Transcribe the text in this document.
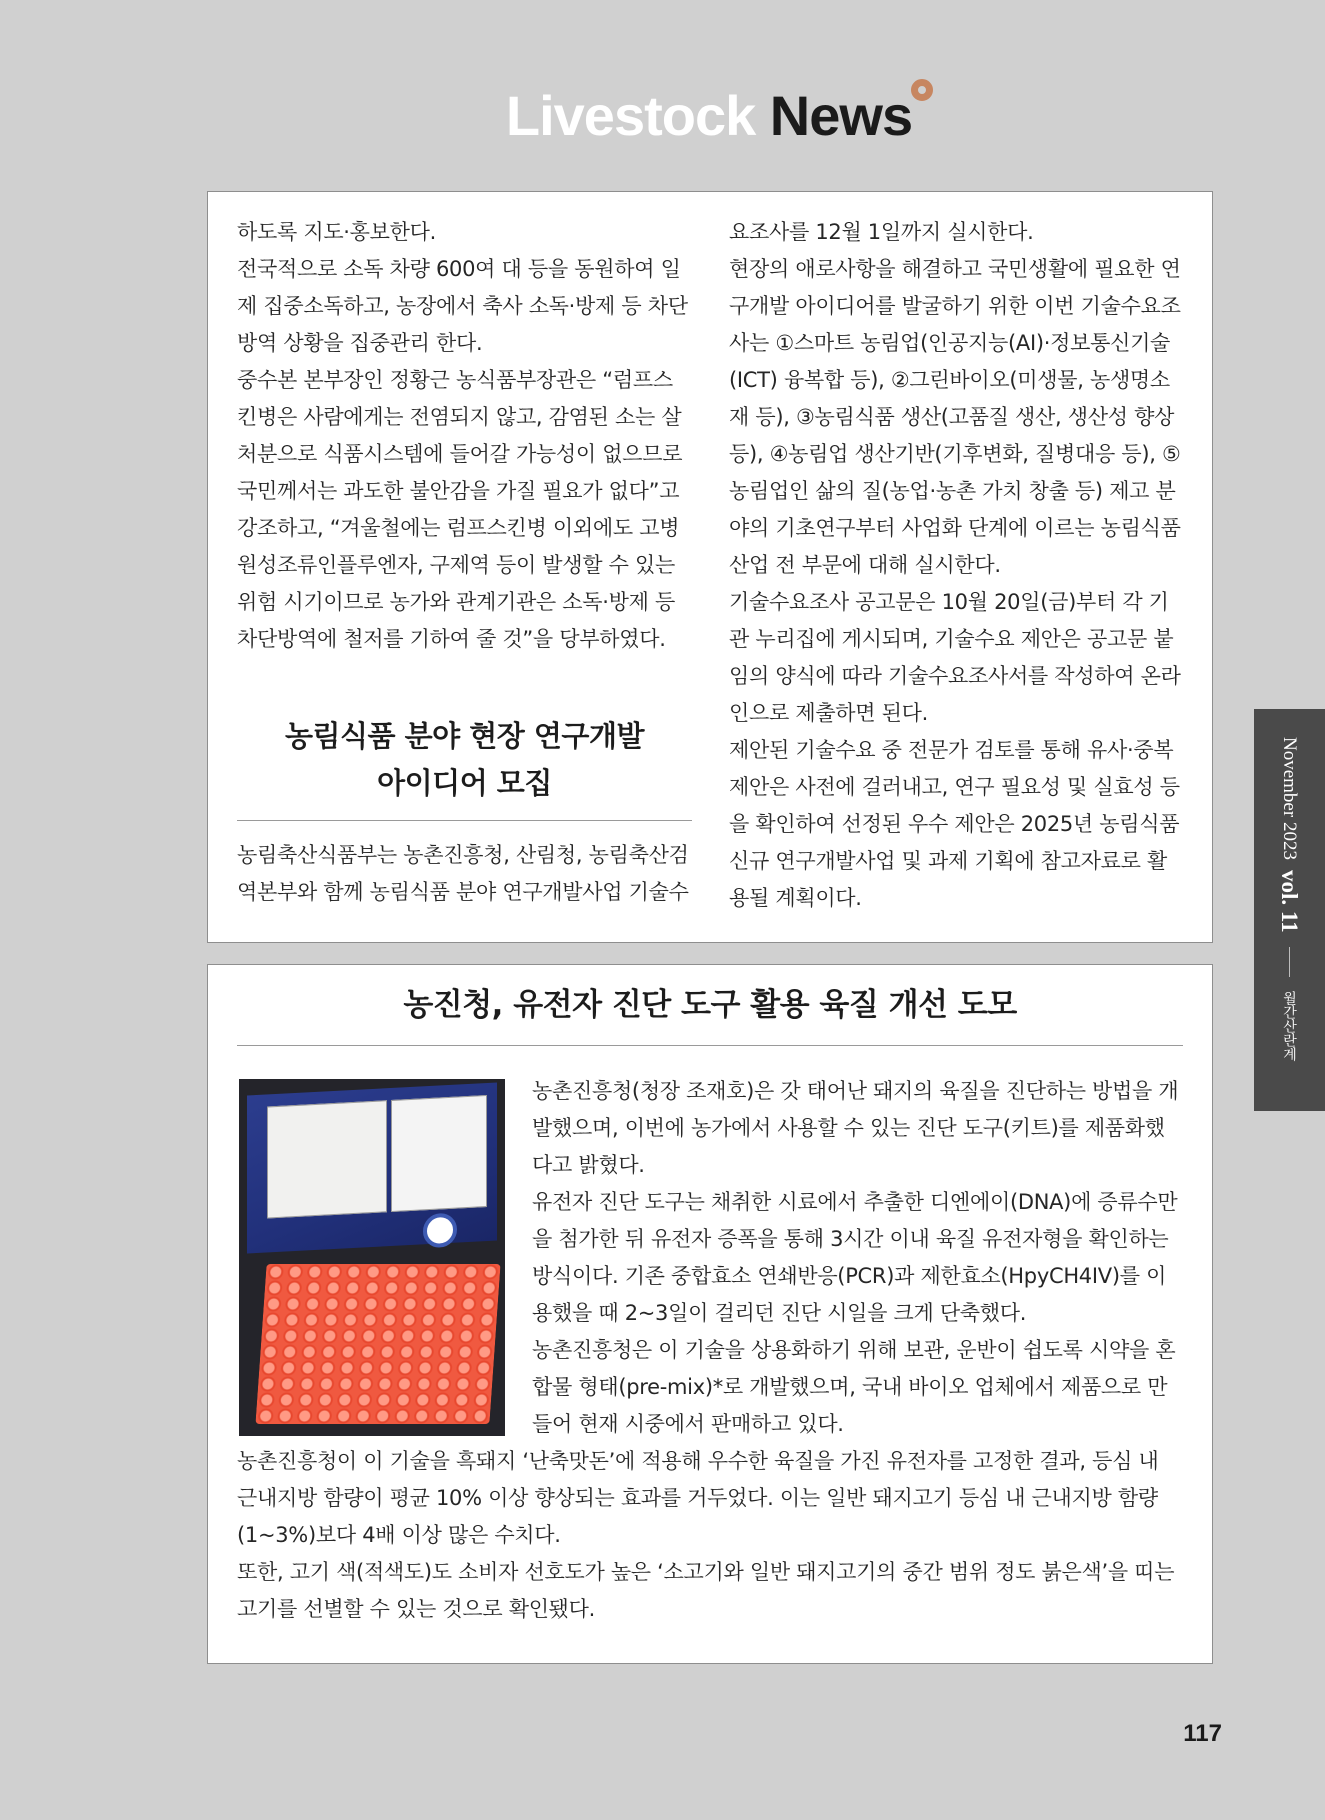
Livestock News

하도록 지도·홍보한다.

전국적으로 소독 차량 600여 대 등을 동원하여 일제 집중소독하고, 농장에서 축사 소독·방제 등 차단방역 상황을 집중관리 한다.

중수본 본부장인 정황근 농식품부장관은 “럼프스킨병은 사람에게는 전염되지 않고, 감염된 소는 살처분으로 식품시스템에 들어갈 가능성이 없으므로 국민께서는 과도한 불안감을 가질 필요가 없다”고 강조하고, “겨울철에는 럼프스킨병 이외에도 고병원성조류인플루엔자, 구제역 등이 발생할 수 있는 위험 시기이므로 농가와 관계기관은 소독·방제 등 차단방역에 철저를 기하여 줄 것”을 당부하였다.

농림식품 분야 현장 연구개발
아이디어 모집

농림축산식품부는 농촌진흥청, 산림청, 농림축산검역본부와 함께 농림식품 분야 연구개발사업 기술수

요조사를 12월 1일까지 실시한다.

현장의 애로사항을 해결하고 국민생활에 필요한 연구개발 아이디어를 발굴하기 위한 이번 기술수요조사는 ①스마트 농림업(인공지능(AI)·정보통신기술(ICT) 융복합 등), ②그린바이오(미생물, 농생명소재 등), ③농림식품 생산(고품질 생산, 생산성 향상 등), ④농림업 생산기반(기후변화, 질병대응 등), ⑤농림업인 삶의 질(농업·농촌 가치 창출 등) 제고 분야의 기초연구부터 사업화 단계에 이르는 농림식품 산업 전 부문에 대해 실시한다.

기술수요조사 공고문은 10월 20일(금)부터 각 기관 누리집에 게시되며, 기술수요 제안은 공고문 붙임의 양식에 따라 기술수요조사서를 작성하여 온라인으로 제출하면 된다.

제안된 기술수요 중 전문가 검토를 통해 유사·중복 제안은 사전에 걸러내고, 연구 필요성 및 실효성 등을 확인하여 선정된 우수 제안은 2025년 농림식품 신규 연구개발사업 및 과제 기획에 참고자료로 활용될 계획이다.

농진청, 유전자 진단 도구 활용 육질 개선 도모

농촌진흥청(청장 조재호)은 갓 태어난 돼지의 육질을 진단하는 방법을 개발했으며, 이번에 농가에서 사용할 수 있는 진단 도구(키트)를 제품화했다고 밝혔다.

유전자 진단 도구는 채취한 시료에서 추출한 디엔에이(DNA)에 증류수만을 첨가한 뒤 유전자 증폭을 통해 3시간 이내 육질 유전자형을 확인하는 방식이다. 기존 중합효소 연쇄반응(PCR)과 제한효소(HpyCH4IV)를 이용했을 때 2~3일이 걸리던 진단 시일을 크게 단축했다.

농촌진흥청은 이 기술을 상용화하기 위해 보관, 운반이 쉽도록 시약을 혼합물 형태(pre-mix)*로 개발했으며, 국내 바이오 업체에서 제품으로 만들어 현재 시중에서 판매하고 있다.

농촌진흥청이 이 기술을 흑돼지 ‘난축맛돈’에 적용해 우수한 육질을 가진 유전자를 고정한 결과, 등심 내 근내지방 함량이 평균 10% 이상 향상되는 효과를 거두었다. 이는 일반 돼지고기 등심 내 근내지방 함량(1~3%)보다 4배 이상 많은 수치다.

또한, 고기 색(적색도)도 소비자 선호도가 높은 ‘소고기와 일반 돼지고기의 중간 범위 정도 붉은색’을 띠는 고기를 선별할 수 있는 것으로 확인됐다.

November 2023
vol. 11
월간산란계
117
